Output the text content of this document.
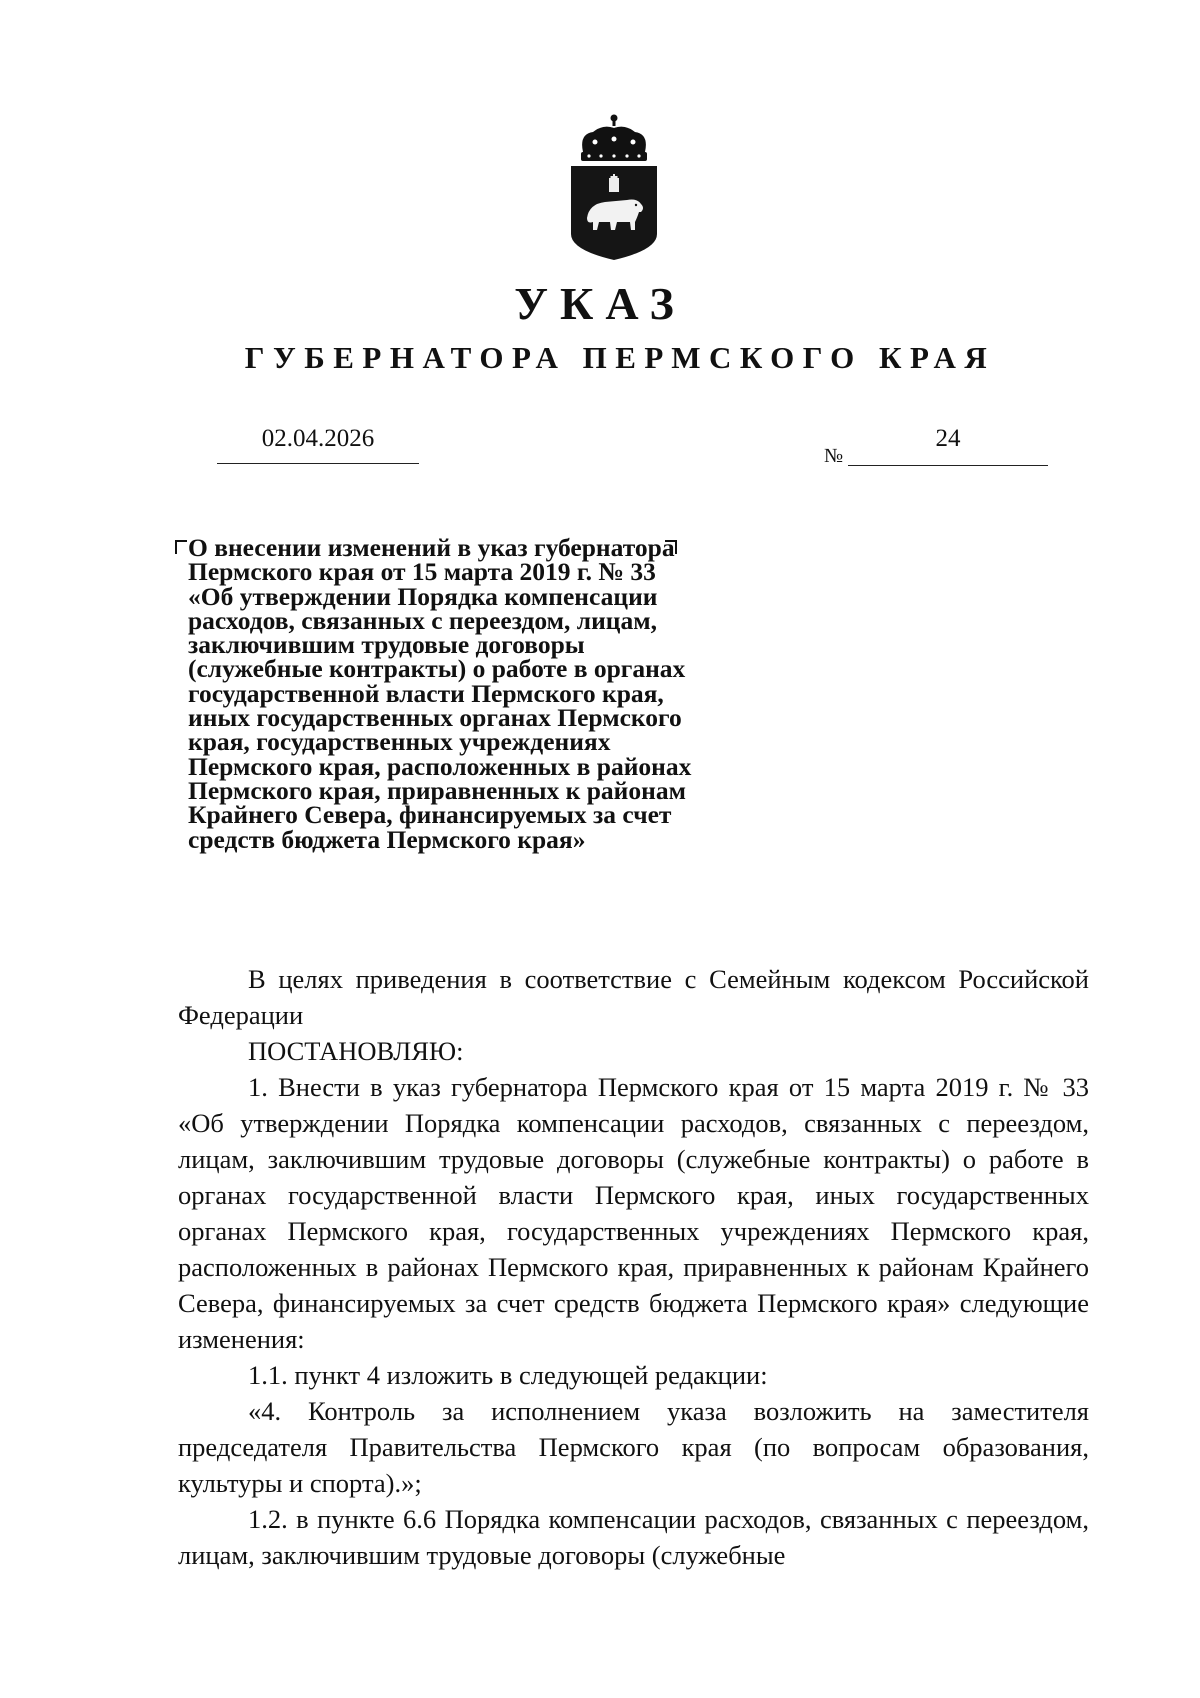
УКАЗ
ГУБЕРНАТОРА ПЕРМСКОГО КРАЯ
02.04.2026
№
24
О внесении изменений в указ губернатора
Пермского края от 15 марта 2019 г. № 33
«Об утверждении Порядка компенсации
расходов, связанных с переездом, лицам,
заключившим трудовые договоры
(служебные контракты) о работе в органах
государственной власти Пермского края,
иных государственных органах Пермского
края, государственных учреждениях
Пермского края, расположенных в районах
Пермского края, приравненных к районам
Крайнего Севера, финансируемых за счет
средств бюджета Пермского края»

В целях приведения в соответствие с Семейным кодексом Российской Федерации

ПОСТАНОВЛЯЮ:

1. Внести в указ губернатора Пермского края от 15 марта 2019 г. № 33 «Об утверждении Порядка компенсации расходов, связанных с переездом, лицам, заключившим трудовые договоры (служебные контракты) о работе в органах государственной власти Пермского края, иных государственных органах Пермского края, государственных учреждениях Пермского края, расположенных в районах Пермского края, приравненных к районам Крайнего Севера, финансируемых за счет средств бюджета Пермского края» следующие изменения:

1.1. пункт 4 изложить в следующей редакции:

«4. Контроль за исполнением указа возложить на заместителя председателя Правительства Пермского края (по вопросам образования, культуры и спорта).»;

1.2. в пункте 6.6 Порядка компенсации расходов, связанных с переездом, лицам, заключившим трудовые договоры (служебные
